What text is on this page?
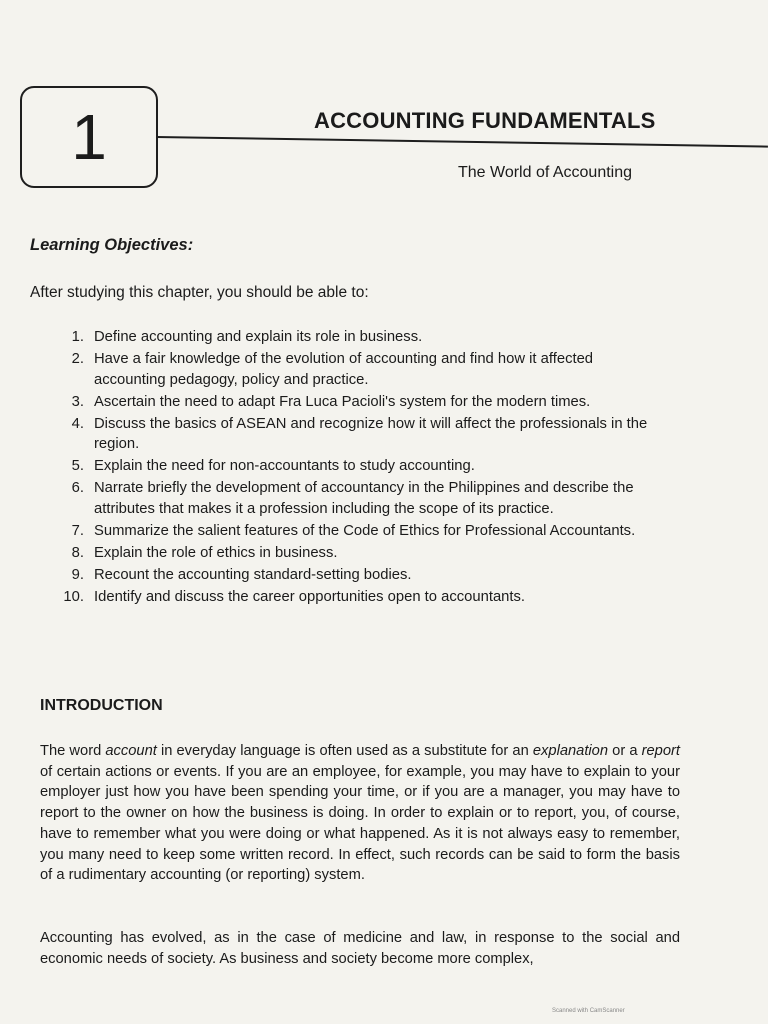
1	ACCOUNTING FUNDAMENTALS
The World of Accounting
Learning Objectives:
After studying this chapter, you should be able to:
1. Define accounting and explain its role in business.
2. Have a fair knowledge of the evolution of accounting and find how it affected accounting pedagogy, policy and practice.
3. Ascertain the need to adapt Fra Luca Pacioli's system for the modern times.
4. Discuss the basics of ASEAN and recognize how it will affect the professionals in the region.
5. Explain the need for non-accountants to study accounting.
6. Narrate briefly the development of accountancy in the Philippines and describe the attributes that makes it a profession including the scope of its practice.
7. Summarize the salient features of the Code of Ethics for Professional Accountants.
8. Explain the role of ethics in business.
9. Recount the accounting standard-setting bodies.
10. Identify and discuss the career opportunities open to accountants.
INTRODUCTION

The word account in everyday language is often used as a substitute for an explanation or a report of certain actions or events. If you are an employee, for example, you may have to explain to your employer just how you have been spending your time, or if you are a manager, you may have to report to the owner on how the business is doing. In order to explain or to report, you, of course, have to remember what you were doing or what happened. As it is not always easy to remember, you many need to keep some written record. In effect, such records can be said to form the basis of a rudimentary accounting (or reporting) system.

Accounting has evolved, as in the case of medicine and law, in response to the social and economic needs of society. As business and society become more complex,

Scanned with CamScanner
